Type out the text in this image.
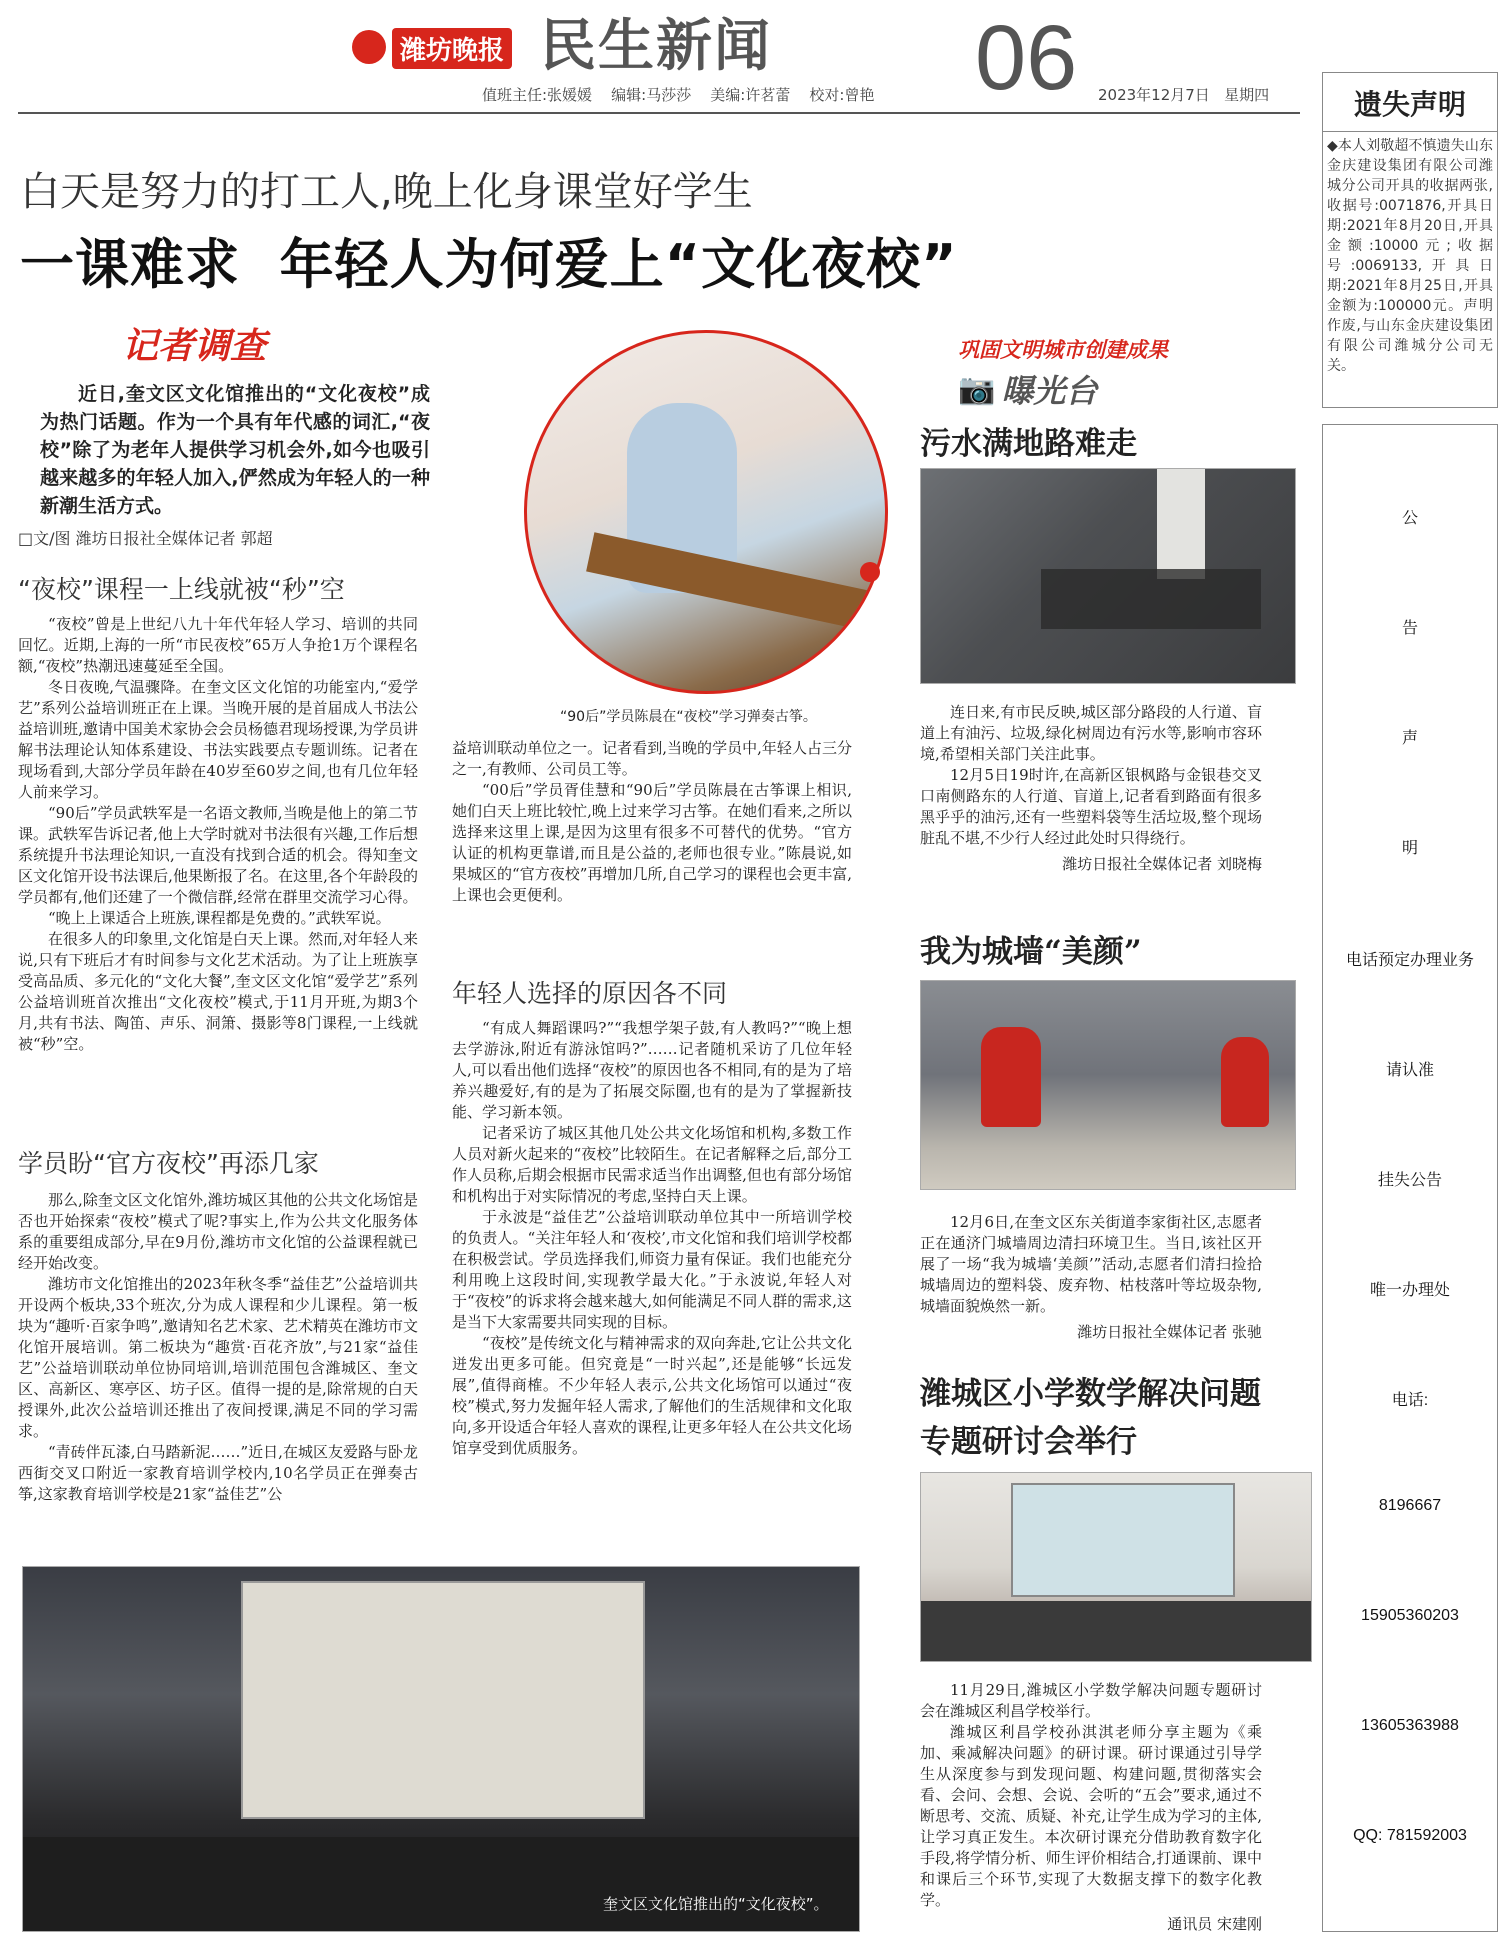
潍坊晚报 民生新闻 06
值班主任:张媛媛 编辑:马莎莎 美编:许茗蕾 校对:曾艳	2023年12月7日 星期四
白天是努力的打工人,晚上化身课堂好学生
一课难求  年轻人为何爱上“文化夜校”
记者调查

近日,奎文区文化馆推出的“文化夜校”成为热门话题。作为一个具有年代感的词汇,“夜校”除了为老年人提供学习机会外,如今也吸引越来越多的年轻人加入,俨然成为年轻人的一种新潮生活方式。

□文/图 潍坊日报社全媒体记者 郭超
“90后”学员陈晨在“夜校”学习弹奏古筝。
“夜校”课程一上线就被“秒”空

“夜校”曾是上世纪八九十年代年轻人学习、培训的共同回忆。近期,上海的一所“市民夜校”65万人争抢1万个课程名额,“夜校”热潮迅速蔓延至全国。

冬日夜晚,气温骤降。在奎文区文化馆的功能室内,“爱学艺”系列公益培训班正在上课。当晚开展的是首届成人书法公益培训班,邀请中国美术家协会会员杨德君现场授课,为学员讲解书法理论认知体系建设、书法实践要点专题训练。记者在现场看到,大部分学员年龄在40岁至60岁之间,也有几位年轻人前来学习。

“90后”学员武轶军是一名语文教师,当晚是他上的第二节课。武轶军告诉记者,他上大学时就对书法很有兴趣,工作后想系统提升书法理论知识,一直没有找到合适的机会。得知奎文区文化馆开设书法课后,他果断报了名。在这里,各个年龄段的学员都有,他们还建了一个微信群,经常在群里交流学习心得。

“晚上上课适合上班族,课程都是免费的。”武轶军说。

在很多人的印象里,文化馆是白天上课。然而,对年轻人来说,只有下班后才有时间参与文化艺术活动。为了让上班族享受高品质、多元化的“文化大餐”,奎文区文化馆“爱学艺”系列公益培训班首次推出“文化夜校”模式,于11月开班,为期3个月,共有书法、陶笛、声乐、洞箫、摄影等8门课程,一上线就被“秒”空。

学员盼“官方夜校”再添几家

那么,除奎文区文化馆外,潍坊城区其他的公共文化场馆是否也开始探索“夜校”模式了呢?事实上,作为公共文化服务体系的重要组成部分,早在9月份,潍坊市文化馆的公益课程就已经开始改变。

潍坊市文化馆推出的2023年秋冬季“益佳艺”公益培训共开设两个板块,33个班次,分为成人课程和少儿课程。第一板块为“趣听·百家争鸣”,邀请知名艺术家、艺术精英在潍坊市文化馆开展培训。第二板块为“趣赏·百花齐放”,与21家“益佳艺”公益培训联动单位协同培训,培训范围包含潍城区、奎文区、高新区、寒亭区、坊子区。值得一提的是,除常规的白天授课外,此次公益培训还推出了夜间授课,满足不同的学习需求。

“青砖伴瓦漆,白马踏新泥……”近日,在城区友爱路与卧龙西街交叉口附近一家教育培训学校内,10名学员正在弹奏古筝,这家教育培训学校是21家“益佳艺”公

益培训联动单位之一。记者看到,当晚的学员中,年轻人占三分之一,有教师、公司员工等。

“00后”学员胥佳慧和“90后”学员陈晨在古筝课上相识,她们白天上班比较忙,晚上过来学习古筝。在她们看来,之所以选择来这里上课,是因为这里有很多不可替代的优势。“官方认证的机构更靠谱,而且是公益的,老师也很专业。”陈晨说,如果城区的“官方夜校”再增加几所,自己学习的课程也会更丰富,上课也会更便利。

年轻人选择的原因各不同

“有成人舞蹈课吗?”“我想学架子鼓,有人教吗?”“晚上想去学游泳,附近有游泳馆吗?”……记者随机采访了几位年轻人,可以看出他们选择“夜校”的原因也各不相同,有的是为了培养兴趣爱好,有的是为了拓展交际圈,也有的是为了掌握新技能、学习新本领。

记者采访了城区其他几处公共文化场馆和机构,多数工作人员对新火起来的“夜校”比较陌生。在记者解释之后,部分工作人员称,后期会根据市民需求适当作出调整,但也有部分场馆和机构出于对实际情况的考虑,坚持白天上课。

于永波是“益佳艺”公益培训联动单位其中一所培训学校的负责人。“关注年轻人和‘夜校’,市文化馆和我们培训学校都在积极尝试。学员选择我们,师资力量有保证。我们也能充分利用晚上这段时间,实现教学最大化。”于永波说,年轻人对于“夜校”的诉求将会越来越大,如何能满足不同人群的需求,这是当下大家需要共同实现的目标。

“夜校”是传统文化与精神需求的双向奔赴,它让公共文化迸发出更多可能。但究竟是“一时兴起”,还是能够“长远发展”,值得商榷。不少年轻人表示,公共文化场馆可以通过“夜校”模式,努力发掘年轻人需求,了解他们的生活规律和文化取向,多开设适合年轻人喜欢的课程,让更多年轻人在公共文化场馆享受到优质服务。

奎文区文化馆推出的“文化夜校”。
巩固文明城市创建成果
📷 曝光台
污水满地路难走

连日来,有市民反映,城区部分路段的人行道、盲道上有油污、垃圾,绿化树周边有污水等,影响市容环境,希望相关部门关注此事。

12月5日19时许,在高新区银枫路与金银巷交叉口南侧路东的人行道、盲道上,记者看到路面有很多黑乎乎的油污,还有一些塑料袋等生活垃圾,整个现场脏乱不堪,不少行人经过此处时只得绕行。

潍坊日报社全媒体记者 刘晓梅
我为城墙“美颜”

12月6日,在奎文区东关街道李家街社区,志愿者正在通济门城墙周边清扫环境卫生。当日,该社区开展了一场“我为城墙‘美颜’”活动,志愿者们清扫捡拾城墙周边的塑料袋、废弃物、枯枝落叶等垃圾杂物,城墙面貌焕然一新。

潍坊日报社全媒体记者 张驰
潍城区小学数学解决问题
专题研讨会举行

11月29日,潍城区小学数学解决问题专题研讨会在潍城区利昌学校举行。

潍城区利昌学校孙淇淇老师分享主题为《乘加、乘减解决问题》的研讨课。研讨课通过引导学生从深度参与到发现问题、构建问题,贯彻落实会看、会问、会想、会说、会听的“五会”要求,通过不断思考、交流、质疑、补充,让学生成为学习的主体,让学习真正发生。本次研讨课充分借助教育数字化手段,将学情分析、师生评价相结合,打通课前、课中和课后三个环节,实现了大数据支撑下的数字化教学。

通讯员 宋建刚
遗失声明

◆本人刘敬超不慎遗失山东金庆建设集团有限公司潍城分公司开具的收据两张,收据号:0071876,开具日期:2021年8月20日,开具金额:10000元;收据号:0069133,开具日期:2021年8月25日,开具金额为:100000元。声明作废,与山东金庆建设集团有限公司潍城分公司无关。

公
告
声
明
电话预定办理业务
请认准
挂失公告
唯一办理处
电话:
8196667
15905360203
13605363988
QQ: 781592003
